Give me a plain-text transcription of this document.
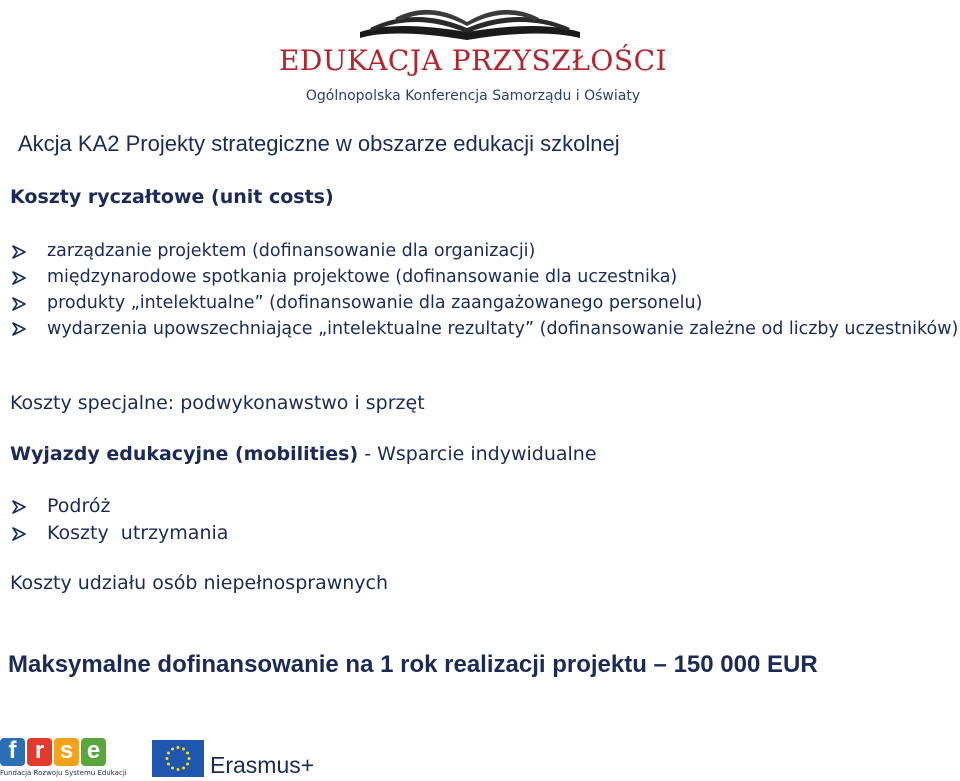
EDUKACJA PRZYSZŁOŚCI
Ogólnopolska Konferencja Samorządu i Oświaty
Akcja KA2 Projekty strategiczne w obszarze edukacji szkolnej
Koszty ryczałtowe (unit costs)
zarządzanie projektem (dofinansowanie dla organizacji)
międzynarodowe spotkania projektowe (dofinansowanie dla uczestnika)
produkty „intelektualne” (dofinansowanie dla zaangażowanego personelu)
wydarzenia upowszechniające „intelektualne rezultaty” (dofinansowanie zależne od liczby uczestników)
Koszty specjalne: podwykonawstwo i sprzęt
Wyjazdy edukacyjne (mobilities) - Wsparcie indywidualne
Podróż
Koszty  utrzymania
Koszty udziału osób niepełnosprawnych
Maksymalne dofinansowanie na 1 rok realizacji projektu – 150 000 EUR
f r s e
Fundacja Rozwoju Systemu Edukacji	Erasmus+
